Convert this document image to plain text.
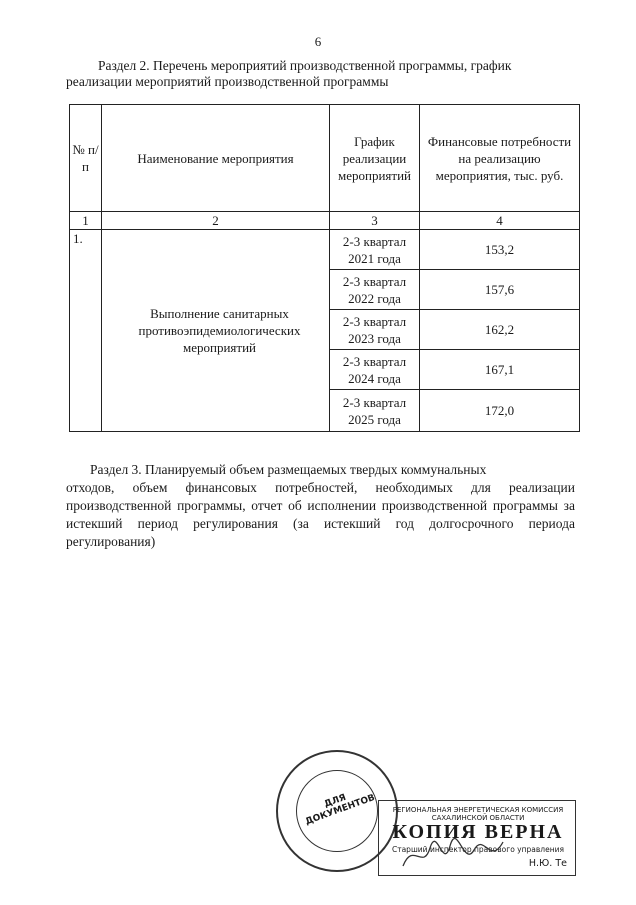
6
Раздел 2. Перечень мероприятий производственной программы, график реализации мероприятий производственной программы
№ п/п	Наименование мероприятия	График реализации мероприятий	Финансовые потребности на реализацию мероприятия, тыс. руб.
1	2	3	4
1.	Выполнение санитарных противоэпидемиологических мероприятий	2-3 квартал 2021 года	153,2
		2-3 квартал 2022 года	157,6
		2-3 квартал 2023 года	162,2
		2-3 квартал 2024 года	167,1
		2-3 квартал 2025 года	172,0
Раздел 3. Планируемый объем размещаемых твердых коммунальных
отходов, объем финансовых потребностей, необходимых для реализации производственной программы, отчет об исполнении производственной программы за истекший период регулирования (за истекший год долгосрочного периода регулирования)
ДЛЯ ДОКУМЕНТОВ	РЕГИОНАЛЬНАЯ ЭНЕРГЕТИЧЕСКАЯ КОМИССИЯ САХАЛИНСКОЙ ОБЛАСТИ
КОПИЯ ВЕРНА
Старший инспектор правового управления
Н.Ю. Те
